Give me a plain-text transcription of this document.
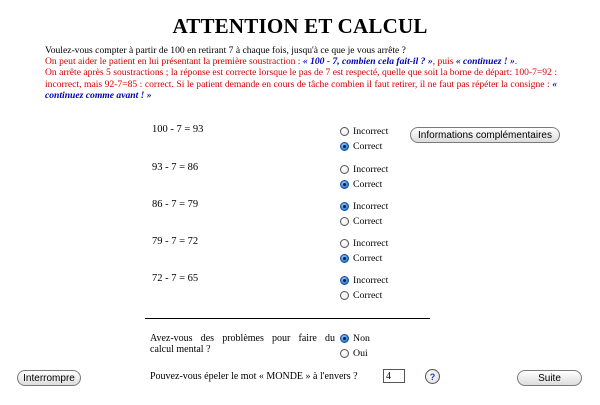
ATTENTION ET CALCUL

Voulez-vous compter à partir de 100 en retirant 7 à chaque fois, jusqu'à ce que je vous arrête ?

On peut aider le patient en lui présentant la première soustraction : « 100 - 7, combien cela fait-il ? », puis « continuez ! ».

On arrête après 5 soustractions ; la réponse est correcte lorsque le pas de 7 est respecté, quelle que soit la borne de départ: 100-7=92 : incorrect, mais 92-7=85 : correct. Si le patient demande en cours de tâche combien il faut retirer, il ne faut pas répéter la consigne : « continuez comme avant ! »

Informations complémentaires
100 - 7 = 93	Incorrect
Correct
93 - 7 = 86	Incorrect
Correct
86 - 7 = 79	Incorrect
Correct
79 - 7 = 72	Incorrect
Correct
72 - 7 = 65	Incorrect
Correct
Avez-vous des problèmes pour faire du
calcul mental ?
Non
Oui
Pouvez-vous épeler le mot « MONDE » à l'envers ?
4	?
Interrompre	Suite
